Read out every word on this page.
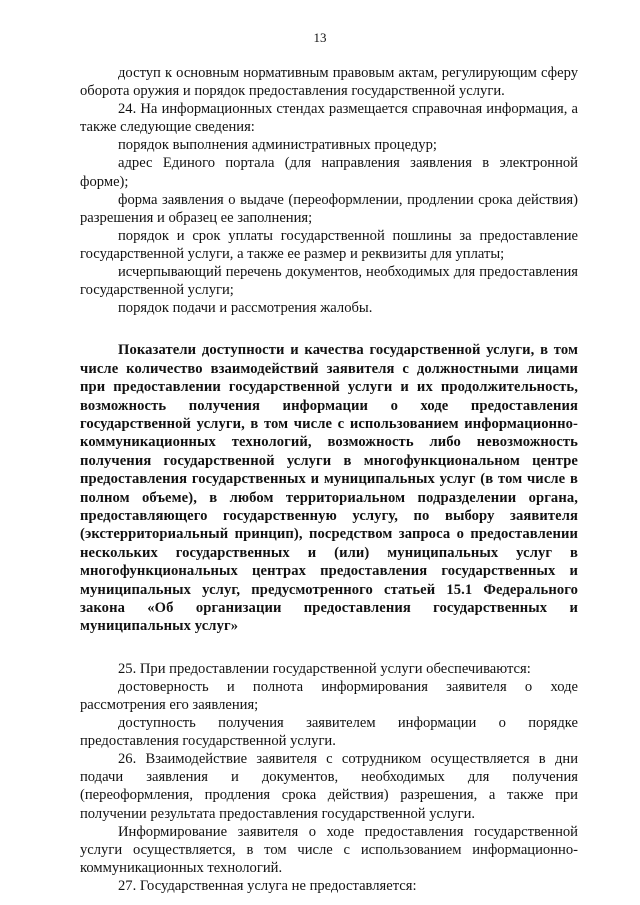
13

доступ к основным нормативным правовым актам, регулирующим сферу оборота оружия и порядок предоставления государственной услуги.

24. На информационных стендах размещается справочная информация, а также следующие сведения:

порядок выполнения административных процедур;

адрес Единого портала (для направления заявления в электронной форме);

форма заявления о выдаче (переоформлении, продлении срока действия) разрешения и образец ее заполнения;

порядок и срок уплаты государственной пошлины за предоставление государственной услуги, а также ее размер и реквизиты для уплаты;

исчерпывающий перечень документов, необходимых для предоставления государственной услуги;

порядок подачи и рассмотрения жалобы.

Показатели доступности и качества государственной услуги, в том числе количество взаимодействий заявителя с должностными лицами при предоставлении государственной услуги и их продолжительность, возможность получения информации о ходе предоставления государственной услуги, в том числе с использованием информационно-коммуникационных технологий, возможность либо невозможность получения государственной услуги в многофункциональном центре предоставления государственных и муниципальных услуг (в том числе в полном объеме), в любом территориальном подразделении органа, предоставляющего государственную услугу, по выбору заявителя (экстерриториальный принцип), посредством запроса о предоставлении нескольких государственных и (или) муниципальных услуг в многофункциональных центрах предоставления государственных и муниципальных услуг, предусмотренного статьей 15.1 Федерального закона «Об организации предоставления государственных и муниципальных услуг»

25. При предоставлении государственной услуги обеспечиваются:

достоверность и полнота информирования заявителя о ходе рассмотрения его заявления;

доступность получения заявителем информации о порядке предоставления государственной услуги.

26. Взаимодействие заявителя с сотрудником осуществляется в дни подачи заявления и документов, необходимых для получения (переоформления, продления срока действия) разрешения, а также при получении результата предоставления государственной услуги.

Информирование заявителя о ходе предоставления государственной услуги осуществляется, в том числе с использованием информационно-коммуникационных технологий.

27. Государственная услуга не предоставляется:
